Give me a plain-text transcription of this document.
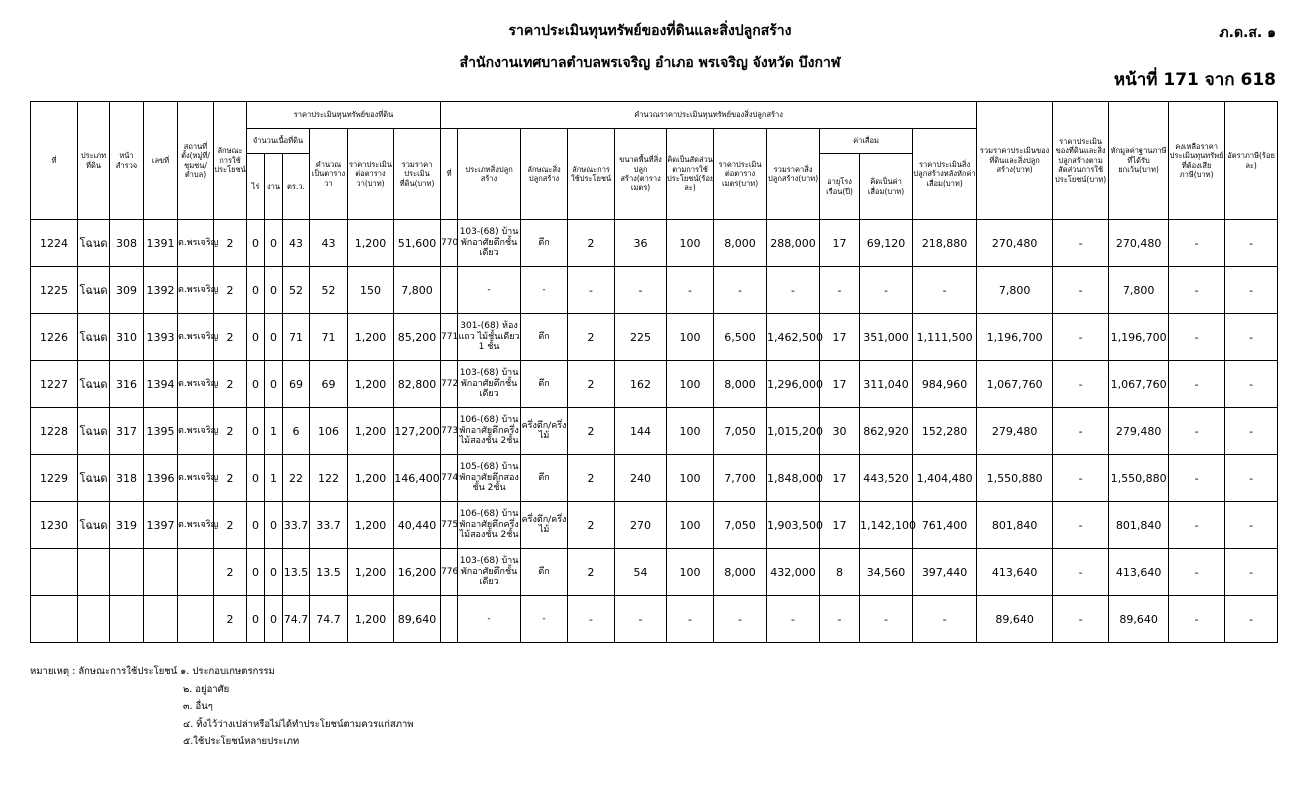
ราคาประเมินทุนทรัพย์ของที่ดินและสิ่งปลูกสร้าง	ภ.ด.ส. ๑
สำนักงานเทศบาลตำบลพรเจริญ อำเภอ พรเจริญ จังหวัด บึงกาฬ
หน้าที่ 171 จาก 618
ที่	ประเภทที่ดิน	หน้าสำรวจ	เลขที่	สถานที่ตั้ง(หมู่ที่/ชุมชน/ตำบล)	ลักษณะการใช้ประโยชน์	ราคาประเมินทุนทรัพย์ของที่ดิน						คำนวณราคาประเมินทุนทรัพย์ของสิ่งปลูกสร้าง											รวมราคาประเมินของที่ดินและสิ่งปลูกสร้าง(บาท)	ราคาประเมินของที่ดินและสิ่งปลูกสร้างตามสัดส่วนการใช้ประโยชน์(บาท)	หักมูลค่าฐานภาษีที่ได้รับยกเว้น(บาท)	คงเหลือราคาประเมินทุนทรัพย์ที่ต้องเสียภาษี(บาท)	อัตราภาษี(ร้อยละ)
						จำนวนเนื้อที่ดิน			คำนวณเป็นตารางวา	ราคาประเมินต่อตารางวา(บาท)	รวมราคาประเมินที่ดิน(บาท)	ที่	ประเภทสิ่งปลูกสร้าง	ลักษณะสิ่งปลูกสร้าง	ลักษณะการใช้ประโยชน์	ขนาดพื้นที่สิ่งปลูกสร้าง(ตารางเมตร)	คิดเป็นสัดส่วนตามการใช้ประโยชน์(ร้อยละ)	ราคาประเมินต่อตารางเมตร(บาท)	รวมราคาสิ่งปลูกสร้าง(บาท)	ค่าเสื่อม		ราคาประเมินสิ่งปลูกสร้างหลังหักค่าเสื่อม(บาท)					
						ไร่	งาน	ตร.ว.												อายุโรงเรือน(ปี)	คิดเป็นค่าเสื่อม(บาท)						
1224	โฉนด	308	1391	ต.พรเจริญ	2	0	0	43	43	1,200	51,600	770	103-(68) บ้านพักอาศัยตึกชั้นเดียว	ตึก	2	36	100	8,000	288,000	17	69,120	218,880	270,480	-	270,480	-	-
1225	โฉนด	309	1392	ต.พรเจริญ	2	0	0	52	52	150	7,800		-	-	-	-	-	-	-	-	-	-	7,800	-	7,800	-	-
1226	โฉนด	310	1393	ต.พรเจริญ	2	0	0	71	71	1,200	85,200	771	301-(68) ห้องแถว ไม้ชั้นเดียว 1 ชั้น	ตึก	2	225	100	6,500	1,462,500	17	351,000	1,111,500	1,196,700	-	1,196,700	-	-
1227	โฉนด	316	1394	ต.พรเจริญ	2	0	0	69	69	1,200	82,800	772	103-(68) บ้านพักอาศัยตึกชั้นเดียว	ตึก	2	162	100	8,000	1,296,000	17	311,040	984,960	1,067,760	-	1,067,760	-	-
1228	โฉนด	317	1395	ต.พรเจริญ	2	0	1	6	106	1,200	127,200	773	106-(68) บ้านพักอาศัยตึกครึ่งไม้สองชั้น 2ชั้น	ครึ่งตึก/ครึ่งไม้	2	144	100	7,050	1,015,200	30	862,920	152,280	279,480	-	279,480	-	-
1229	โฉนด	318	1396	ต.พรเจริญ	2	0	1	22	122	1,200	146,400	774	105-(68) บ้านพักอาศัยตึกสองชั้น 2ชั้น	ตึก	2	240	100	7,700	1,848,000	17	443,520	1,404,480	1,550,880	-	1,550,880	-	-
1230	โฉนด	319	1397	ต.พรเจริญ	2	0	0	33.7	33.7	1,200	40,440	775	106-(68) บ้านพักอาศัยตึกครึ่งไม้สองชั้น 2ชั้น	ครึ่งตึก/ครึ่งไม้	2	270	100	7,050	1,903,500	17	1,142,100	761,400	801,840	-	801,840	-	-
					2	0	0	13.5	13.5	1,200	16,200	776	103-(68) บ้านพักอาศัยตึกชั้นเดียว	ตึก	2	54	100	8,000	432,000	8	34,560	397,440	413,640	-	413,640	-	-
					2	0	0	74.7	74.7	1,200	89,640		-	-	-	-	-	-	-	-	-	-	89,640	-	89,640	-	-
หมายเหตุ : ลักษณะการใช้ประโยชน์ ๑. ประกอบเกษตรกรรม
๒. อยู่อาศัย
๓. อื่นๆ
๔. ทิ้งไว้ว่างเปล่าหรือไม่ได้ทำประโยชน์ตามควรแก่สภาพ
๕.ใช้ประโยชน์หลายประเภท
